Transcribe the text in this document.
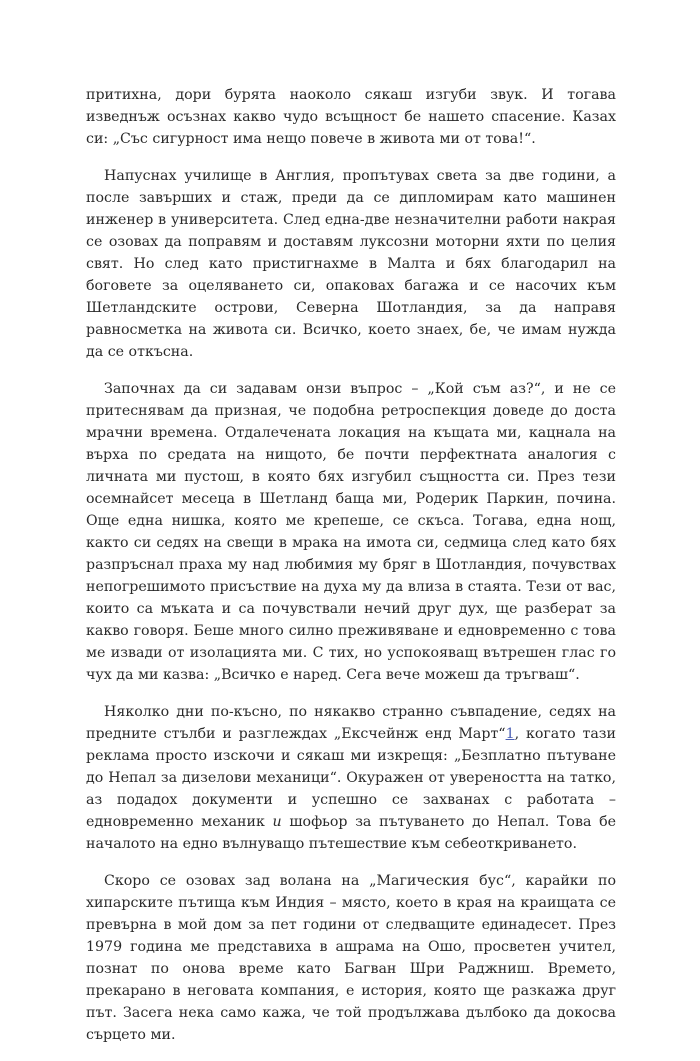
притихна, дори бурята наоколо сякаш изгуби звук. И тогава изведнъж осъзнах какво чудо всъщност бе нашето спасение. Казах си: „Със сигурност има нещо повече в живота ми от това!“.

Напуснах училище в Англия, пропътувах света за две години, а после завърших и стаж, преди да се дипломирам като машинен инженер в университета. След една-две незначителни работи накрая се озовах да поправям и доставям луксозни моторни яхти по целия свят. Но след като пристигнахме в Малта и бях благодарил на боговете за оцеляването си, опаковах багажа и се насочих към Шетландските острови, Северна Шотландия, за да направя равносметка на живота си. Всичко, което знаех, бе, че имам нужда да се откъсна.

Започнах да си задавам онзи въпрос – „Кой съм аз?“, и не се притеснявам да призная, че подобна ретроспекция доведе до доста мрачни времена. Отдалечената локация на къщата ми, кацнала на върха по средата на нищото, бе почти перфектната аналогия с личната ми пустош, в която бях изгубил същността си. През тези осемнайсет месеца в Шетланд баща ми, Родерик Паркин, почина. Още една нишка, която ме крепеше, се скъса. Тогава, една нощ, както си седях на свещи в мрака на имота си, седмица след като бях разпръснал праха му над любимия му бряг в Шотландия, почувствах непогрешимото присъствие на духа му да влиза в стаята. Тези от вас, които са мъката и са почувствали нечий друг дух, ще разберат за какво говоря. Беше много силно преживяване и едновременно с това ме извади от изолацията ми. С тих, но успокояващ вътрешен глас го чух да ми казва: „Всичко е наред. Сега вече можеш да тръгваш“.

Няколко дни по-късно, по някакво странно съвпадение, седях на предните стълби и разглеждах „Ексчейнж енд Март“1, когато тази реклама просто изскочи и сякаш ми изкрещя: „Безплатно пътуване до Непал за дизелови механици“. Окуражен от увереността на татко, аз подадох документи и успешно се захванах с работата – едновременно механик и шофьор за пътуването до Непал. Това бе началото на едно вълнуващо пътешествие към себеоткриването.

Скоро се озовах зад волана на „Магическия бус“, карайки по хипарските пътища към Индия – място, което в края на краищата се превърна в мой дом за пет години от следващите единадесет. През 1979 година ме представиха в ашрама на Ошо, просветен учител, познат по онова време като Багван Шри Раджниш. Времето, прекарано в неговата компания, е история, която ще разкажа друг път. Засега нека само кажа, че той продължава дълбоко да докосва сърцето ми.
